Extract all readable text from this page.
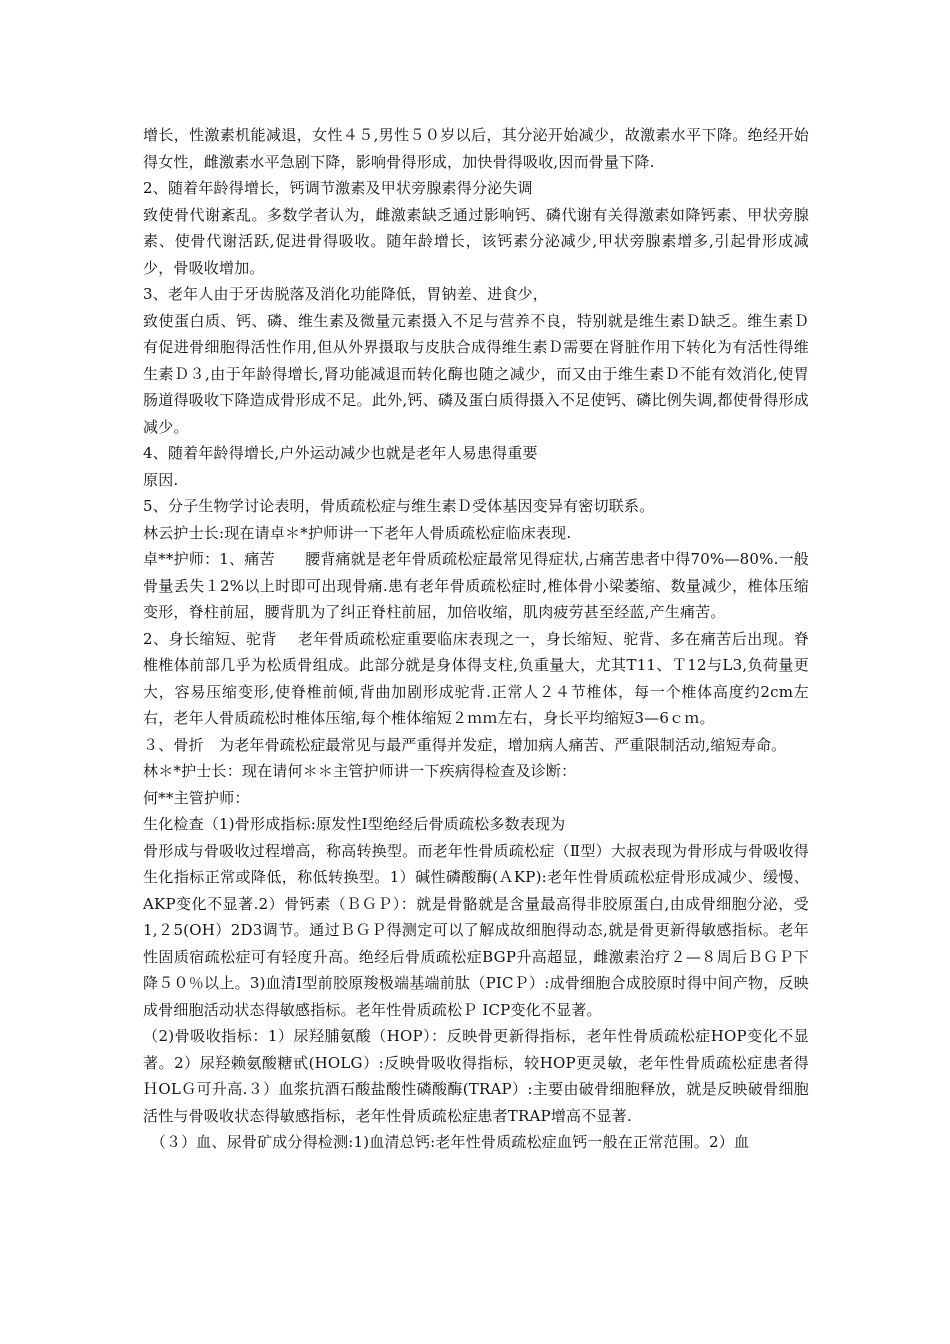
增长，性激素机能减退，女性４５,男性５０岁以后，其分泌开始减少，故激素水平下降。绝经开始得女性，雌激素水平急剧下降，影响骨得形成，加快骨得吸收,因而骨量下降.

2、随着年龄得增长，钙调节激素及甲状旁腺素得分泌失调

致使骨代谢紊乱。多数学者认为，雌激素缺乏通过影响钙、磷代谢有关得激素如降钙素、甲状旁腺素、使骨代谢活跃,促进骨得吸收。随年龄增长，该钙素分泌减少,甲状旁腺素增多,引起骨形成减少，骨吸收增加。

3、老年人由于牙齿脱落及消化功能降低，胃钠差、进食少，

致使蛋白质、钙、磷、维生素及微量元素摄入不足与营养不良，特别就是维生素Ｄ缺乏。维生素Ｄ有促进骨细胞得活性作用,但从外界摄取与皮肤合成得维生素Ｄ需要在肾脏作用下转化为有活性得维生素Ｄ３,由于年龄得增长,肾功能减退而转化酶也随之减少，而又由于维生素Ｄ不能有效消化,使胃肠道得吸收下降造成骨形成不足。此外,钙、磷及蛋白质得摄入不足使钙、磷比例失调,都使骨得形成减少。

4、随着年龄得增长,户外运动减少也就是老年人易患得重要

原因.

5、分子生物学讨论表明，骨质疏松症与维生素Ｄ受体基因变异有密切联系。

林云护士长:现在请卓＊*护师讲一下老年人骨质疏松症临床表现.

卓**护师：1、痛苦　　腰背痛就是老年骨质疏松症最常见得症状,占痛苦患者中得70%—80%.一般骨量丢失１2%以上时即可出现骨痛.患有老年骨质疏松症时,椎体骨小梁萎缩、数量减少，椎体压缩变形，脊柱前屈，腰背肌为了纠正脊柱前屈，加倍收缩，肌肉疲劳甚至经蓝,产生痛苦。

2、身长缩短、驼背　 老年骨质疏松症重要临床表现之一，身长缩短、驼背、多在痛苦后出现。脊椎椎体前部几乎为松质骨组成。此部分就是身体得支柱,负重量大，尤其T11、Ｔ12与L3,负荷量更大，容易压缩变形,使脊椎前倾,背曲加剧形成驼背.正常人２４节椎体，每一个椎体高度约2cm左右，老年人骨质疏松时椎体压缩,每个椎体缩短２ｍｍ左右，身长平均缩短3—6ｃｍ。

３、骨折　为老年骨疏松症最常见与最严重得并发症，增加病人痛苦、严重限制活动,缩短寿命。

林＊*护士长：现在请何＊＊主管护师讲一下疾病得检查及诊断：

何**主管护师：

生化检查（1)骨形成指标:原发性Ⅰ型绝经后骨质疏松多数表现为

骨形成与骨吸收过程增高，称高转换型。而老年性骨质疏松症（Ⅱ型）大叔表现为骨形成与骨吸收得生化指标正常或降低，称低转换型。1）碱性磷酸酶(ＡKP):老年性骨质疏松症骨形成减少、缓慢、AKP变化不显著.2）骨钙素（ＢＧＰ）：就是骨骼就是含量最高得非胶原蛋白,由成骨细胞分泌，受1,２5(OH）2D3调节。通过ＢＧＰ得测定可以了解成故细胞得动态,就是骨更新得敏感指标。老年性固质宿疏松症可有轻度升高。绝经后骨质疏松症BGP升高超显，雌激素治疗２—８周后ＢＧＰ下降５０％以上。3)血清Ⅰ型前胶原羧极端基端前肽（PICＰ）:成骨细胞合成胶原时得中间产物，反映成骨细胞活动状态得敏感指标。老年性骨质疏松Ｐ ICP变化不显著。

（2)骨吸收指标：1）尿羟脯氨酸（HOP）：反映骨更新得指标，老年性骨质疏松症HOP变化不显著。2）尿羟赖氨酸糖甙(HOLG）:反映骨吸收得指标，较HOP更灵敏，老年性骨质疏松症患者得ＨOLＧ可升高.３）血浆抗酒石酸盐酸性磷酸酶(TRAP）:主要由破骨细胞释放，就是反映破骨细胞活性与骨吸收状态得敏感指标，老年性骨质疏松症患者TRAP增高不显著.

　（３）血、尿骨矿成分得检测:1)血清总钙:老年性骨质疏松症血钙一般在正常范围。2）血
